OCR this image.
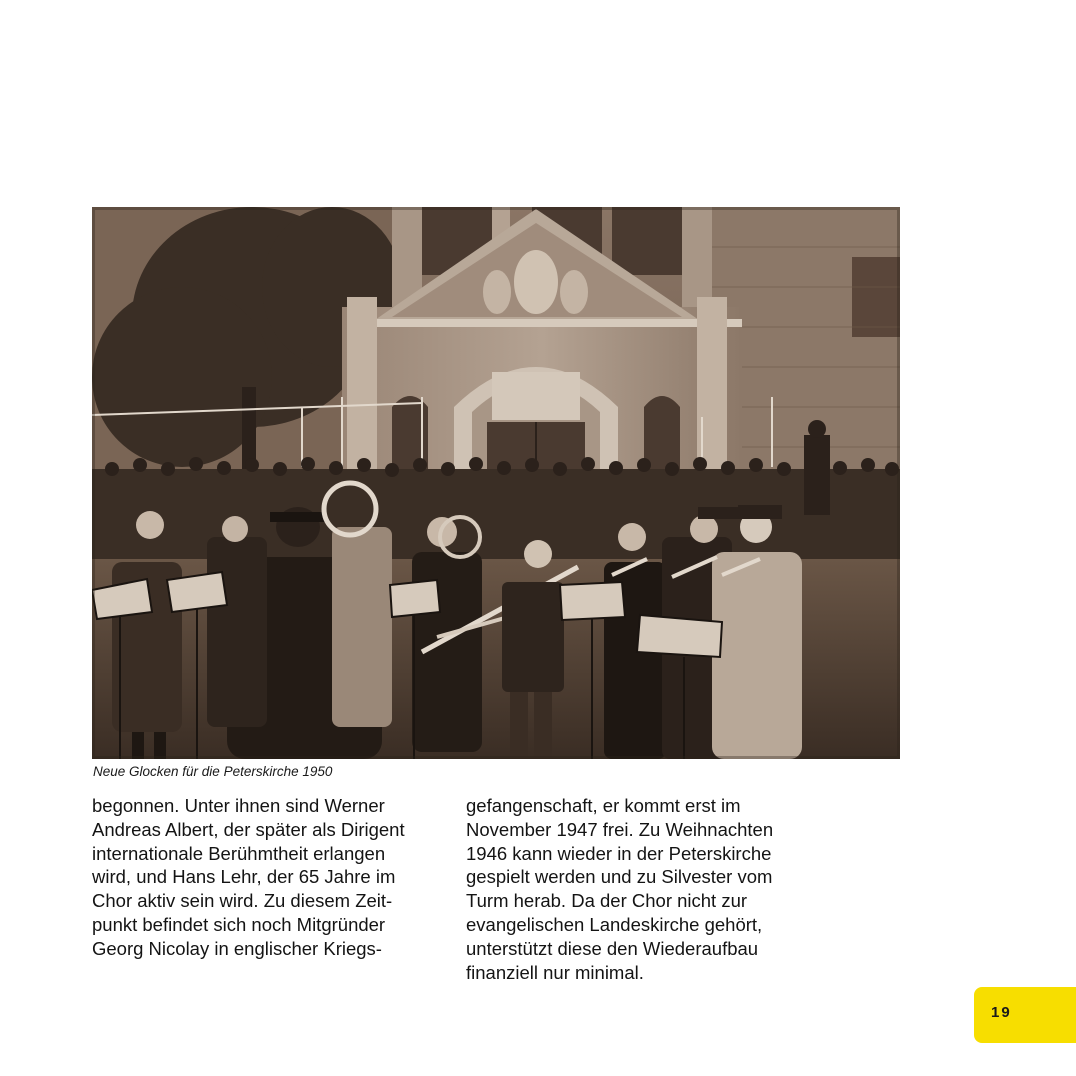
Neue Glocken für die Peterskirche 1950
begonnen. Unter ihnen sind Werner
Andreas Albert, der später als Dirigent
internationale Berühmtheit erlangen
wird, und Hans Lehr, der 65 Jahre im
Chor aktiv sein wird. Zu diesem Zeit-
punkt befindet sich noch Mitgründer
Georg Nicolay in englischer Kriegs-
gefangenschaft, er kommt erst im
November 1947 frei. Zu Weihnachten
1946 kann wieder in der Peterskirche
gespielt werden und zu Silvester vom
Turm herab. Da der Chor nicht zur
evangelischen Landeskirche gehört,
unterstützt diese den Wiederaufbau
finanziell nur minimal.
19
